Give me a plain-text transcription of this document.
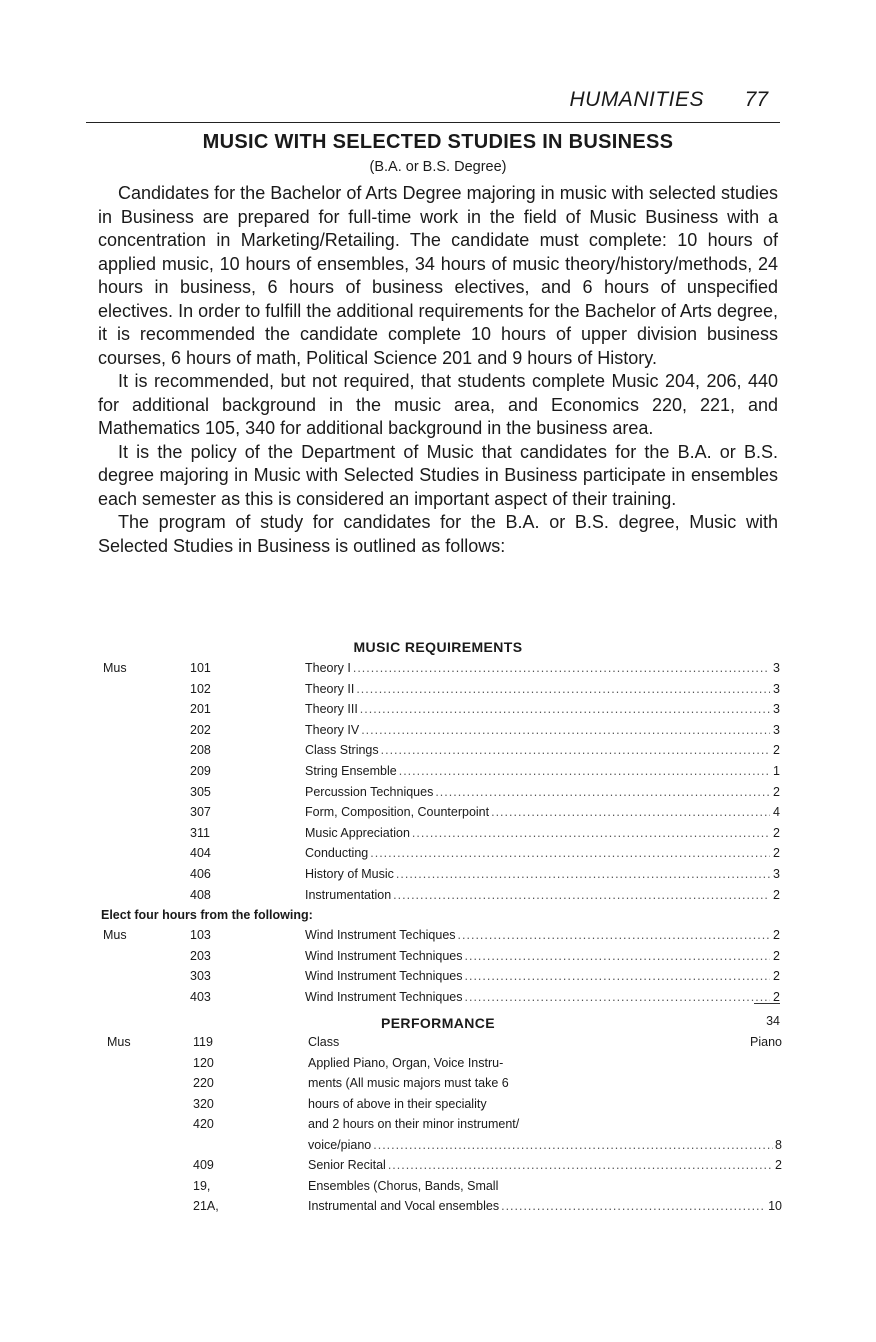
HUMANITIES 77
MUSIC WITH SELECTED STUDIES IN BUSINESS
(B.A. or B.S. Degree)

Candidates for the Bachelor of Arts Degree majoring in music with selected studies in Business are prepared for full-time work in the field of Music Business with a concentration in Marketing/Retailing. The candidate must complete: 10 hours of applied music, 10 hours of ensembles, 34 hours of music theory/history/methods, 24 hours in business, 6 hours of business electives, and 6 hours of unspecified electives. In order to fulfill the additional requirements for the Bachelor of Arts degree, it is recommended the candidate complete 10 hours of upper division business courses, 6 hours of math, Political Science 201 and 9 hours of History.

It is recommended, but not required, that students complete Music 204, 206, 440 for additional background in the music area, and Economics 220, 221, and Mathematics 105, 340 for additional background in the business area.

It is the policy of the Department of Music that candidates for the B.A. or B.S. degree majoring in Music with Selected Studies in Business participate in ensembles each semester as this is considered an important aspect of their training.

The program of study for candidates for the B.A. or B.S. degree, Music with Selected Studies in Business is outlined as follows:

MUSIC REQUIREMENTS
Mus	101	Theory I .....	3
102	Theory II .....	3
201	Theory III .....	3
202	Theory IV .....	3
208	Class Strings .....	2
209	String Ensemble .....	1
305	Percussion Techniques .....	2
307	Form, Composition, Counterpoint .....	4
311	Music Appreciation .....	2
404	Conducting .....	2
406	History of Music .....	3
408	Instrumentation .....	2
Elect four hours from the following:
Mus	103	Wind Instrument Techiques .....	2
203	Wind Instrument Techniques .....	2
303	Wind Instrument Techniques .....	2
403	Wind Instrument Techniques .....	2
34
PERFORMANCE
Mus	119	Class	Piano
120	Applied Piano, Organ, Voice Instru-
220	ments (All music majors must take 6
320	hours of above in their speciality
420	and 2 hours on their minor instrument/
voice/piano .....	8
409	Senior Recital .....	2
19,	Ensembles (Chorus, Bands, Small
21A,	Instrumental and Vocal ensembles .....	10
